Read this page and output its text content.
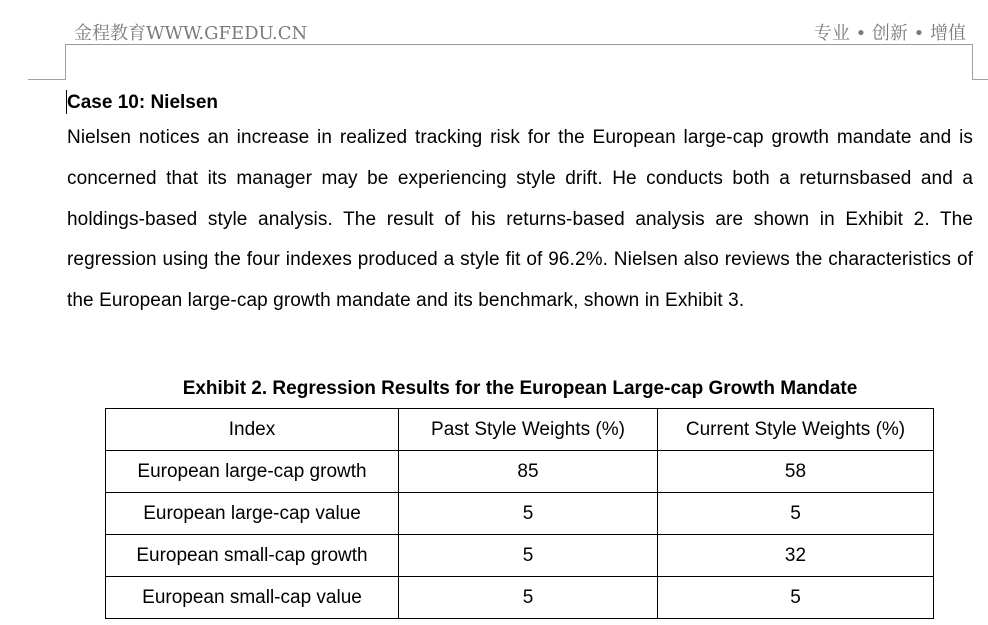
金程教育WWW.GFEDU.CN	专业 • 创新 • 增值

Case 10: Nielsen

Nielsen notices an increase in realized tracking risk for the European large-cap growth mandate and is concerned that its manager may be experiencing style drift. He conducts both a returnsbased and a holdings-based style analysis. The result of his returns-based analysis are shown in Exhibit 2. The regression using the four indexes produced a style fit of 96.2%. Nielsen also reviews the characteristics of the European large-cap growth mandate and its benchmark, shown in Exhibit 3.

Exhibit 2. Regression Results for the European Large-cap Growth Mandate
Index	Past Style Weights (%)	Current Style Weights (%)
European large-cap growth	85	58
European large-cap value	5	5
European small-cap growth	5	32
European small-cap value	5	5
